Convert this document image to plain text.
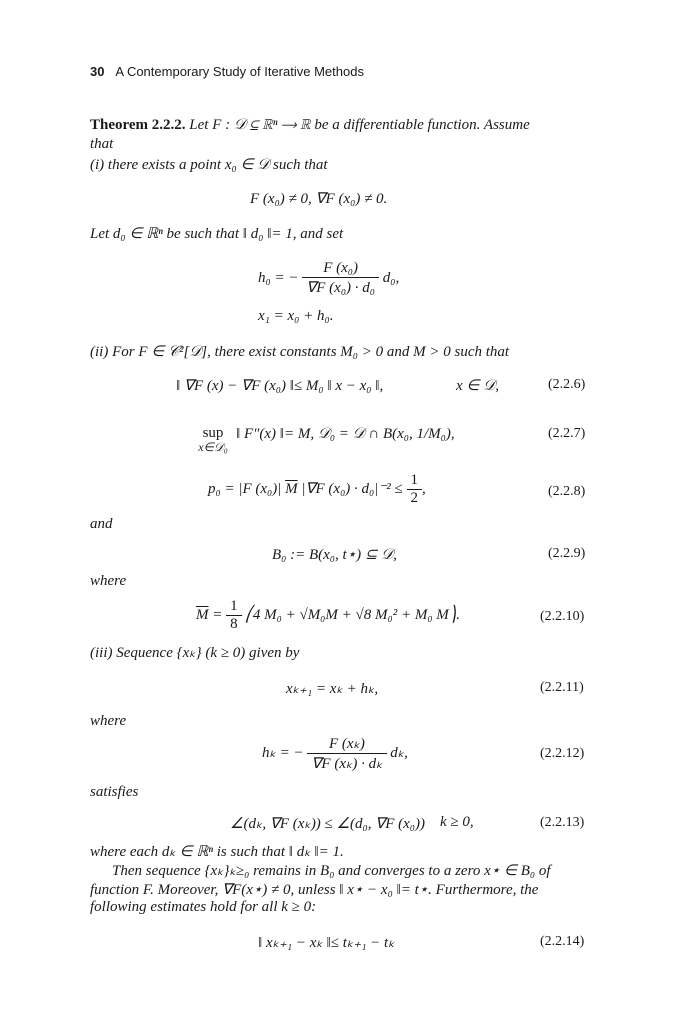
30 A Contemporary Study of Iterative Methods
Theorem 2.2.2. Let F : 𝒟 ⊆ ℝⁿ ⟶ ℝ be a differentiable function. Assume
that
(i) there exists a point x₀ ∈ 𝒟 such that
F (x₀) ≠ 0, ∇F (x₀) ≠ 0.
Let d₀ ∈ ℝⁿ be such that ‖ d₀ ‖= 1, and set
h₀ = − $\frac{\text{F (x₀)}}{\text{∇F (x₀) · d₀}} d_0$,
x₁ = x₀ + h₀.
(ii) For F ∈ 𝒞²[𝒟], there exist constants M₀ > 0 and M > 0 such that
‖ ∇F (x) − ∇F (x₀) ‖≤ M₀ ‖ x − x₀ ‖,	x ∈ 𝒟,	(2.2.6)
sup
x∈𝒟₀
‖ F″(x) ‖= M, 𝒟₀ = 𝒟 ∩ B(x₀, 1/M₀),	(2.2.7)
p₀ = |F (x₀)| $\overline{M}$ |∇F $(x_0) \cdot d_0|^{-2} \le \frac{1}{2}$ ,	(2.2.8)
and
B₀ := B(x₀, t⋆) ⊆ 𝒟,	(2.2.9)
where
$\overline{M} = \frac{1}{8}$ ⎛4 M₀ + √M₀M + √8 M₀² + M₀ M⎞.	(2.2.10)
(iii) Sequence {xₖ} (k ≥ 0) given by
xₖ₊₁ = xₖ + hₖ,	(2.2.11)
where
hₖ = − $\frac{\text{F (xₖ)}}{\text{∇F (xₖ) · dₖ}} d_k$,	(2.2.12)
satisfies
∠(dₖ, ∇F (xₖ)) ≤ ∠(d₀, ∇F (x₀)) k ≥ 0,	(2.2.13)
where each dₖ ∈ ℝⁿ is such that ‖ dₖ ‖= 1.
Then sequence {xₖ}ₖ≥₀ remains in B₀ and converges to a zero x⋆ ∈ B₀ of
function F. Moreover, ∇F(x⋆) ≠ 0, unless ‖ x⋆ − x₀ ‖= t⋆. Furthermore, the
following estimates hold for all k ≥ 0:
‖ xₖ₊₁ − xₖ ‖≤ tₖ₊₁ − tₖ	(2.2.14)
